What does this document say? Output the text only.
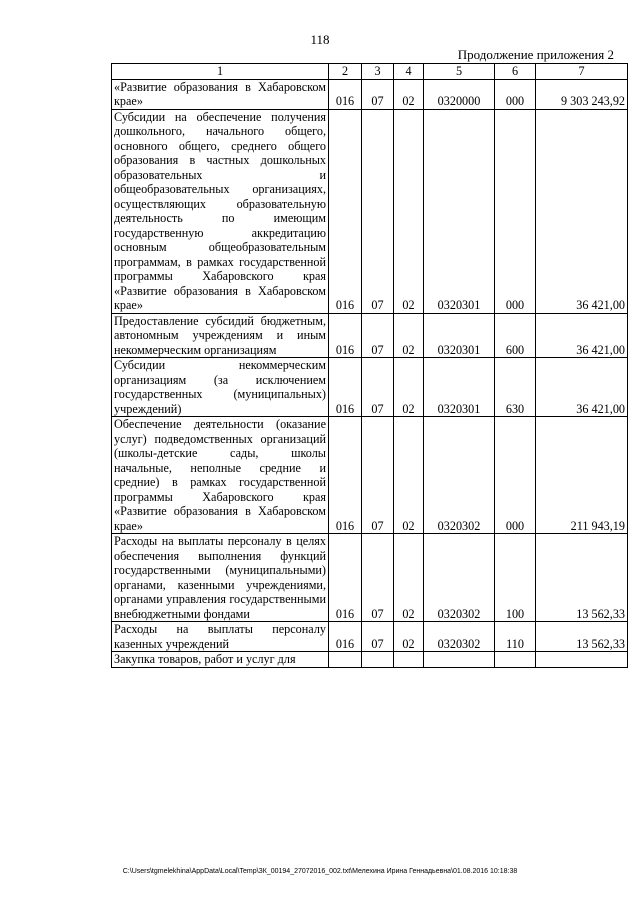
118
Продолжение приложения 2
1	2	3	4	5	6	7
«Развитие образования в Хабаровском крае»	016	07	02	0320000	000	9 303 243,92
Субсидии на обеспечение получения дошкольного, начального общего, основного общего, среднего общего образования в частных дошкольных образовательных и общеобразовательных организациях, осуществляющих образовательную деятельность по имеющим государственную аккредитацию основным общеобразовательным программам, в рамках государственной программы Хабаровского края «Развитие образования в Хабаровском крае»	016	07	02	0320301	000	36 421,00
Предоставление субсидий бюджетным, автономным учреждениям и иным некоммерческим организациям	016	07	02	0320301	600	36 421,00
Субсидии некоммерческим организациям (за исключением государственных (муниципальных) учреждений)	016	07	02	0320301	630	36 421,00
Обеспечение деятельности (оказание услуг) подведомственных организаций (школы-детские сады, школы начальные, неполные средние и средние) в рамках государственной программы Хабаровского края «Развитие образования в Хабаровском крае»	016	07	02	0320302	000	211 943,19
Расходы на выплаты персоналу в целях обеспечения выполнения функций государственными (муниципальными) органами, казенными учреждениями, органами управления государственными внебюджетными фондами	016	07	02	0320302	100	13 562,33
Расходы на выплаты персоналу казенных учреждений	016	07	02	0320302	110	13 562,33
Закупка товаров, работ и услуг для						
C:\Users\tgmelekhina\AppData\Local\Temp\ЗК_00194_27072016_002.txt\Мелехина Ирина Геннадьевна\01.08.2016 10:18:38
